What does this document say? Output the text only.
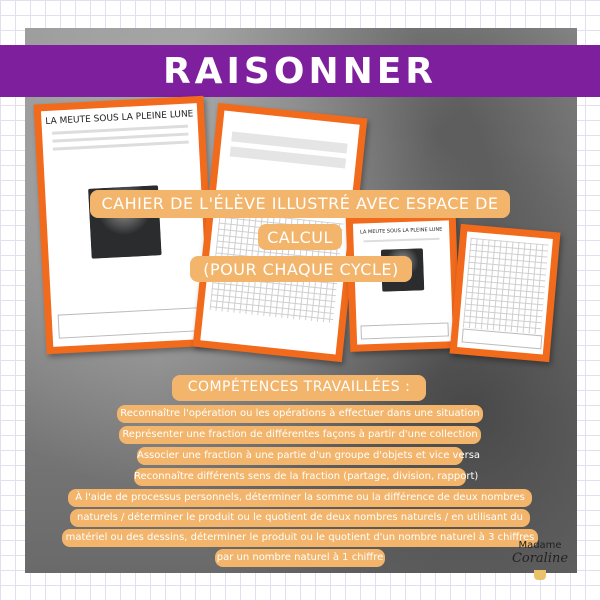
RAISONNER
LA MEUTE SOUS LA PLEINE LUNE
LA MEUTE SOUS LA PLEINE LUNE
CAHIER DE L'ÉLÈVE ILLUSTRÉ AVEC ESPACE DE
CALCUL
(POUR CHAQUE CYCLE)
COMPÉTENCES TRAVAILLÉES :
Reconnaître l'opération ou les opérations à effectuer dans une situation
Représenter une fraction de différentes façons à partir d'une collection
Associer une fraction à une partie d'un groupe d'objets et vice versa
Reconnaître différents sens de la fraction (partage, division, rapport)
À l'aide de processus personnels, déterminer la somme ou la différence de deux nombres
naturels / déterminer le produit ou le quotient de deux nombres naturels / en utilisant du
matériel ou des dessins, déterminer le produit ou le quotient d'un nombre naturel à 3 chiffres
par un nombre naturel à 1 chiffre
Madame
Coraline
